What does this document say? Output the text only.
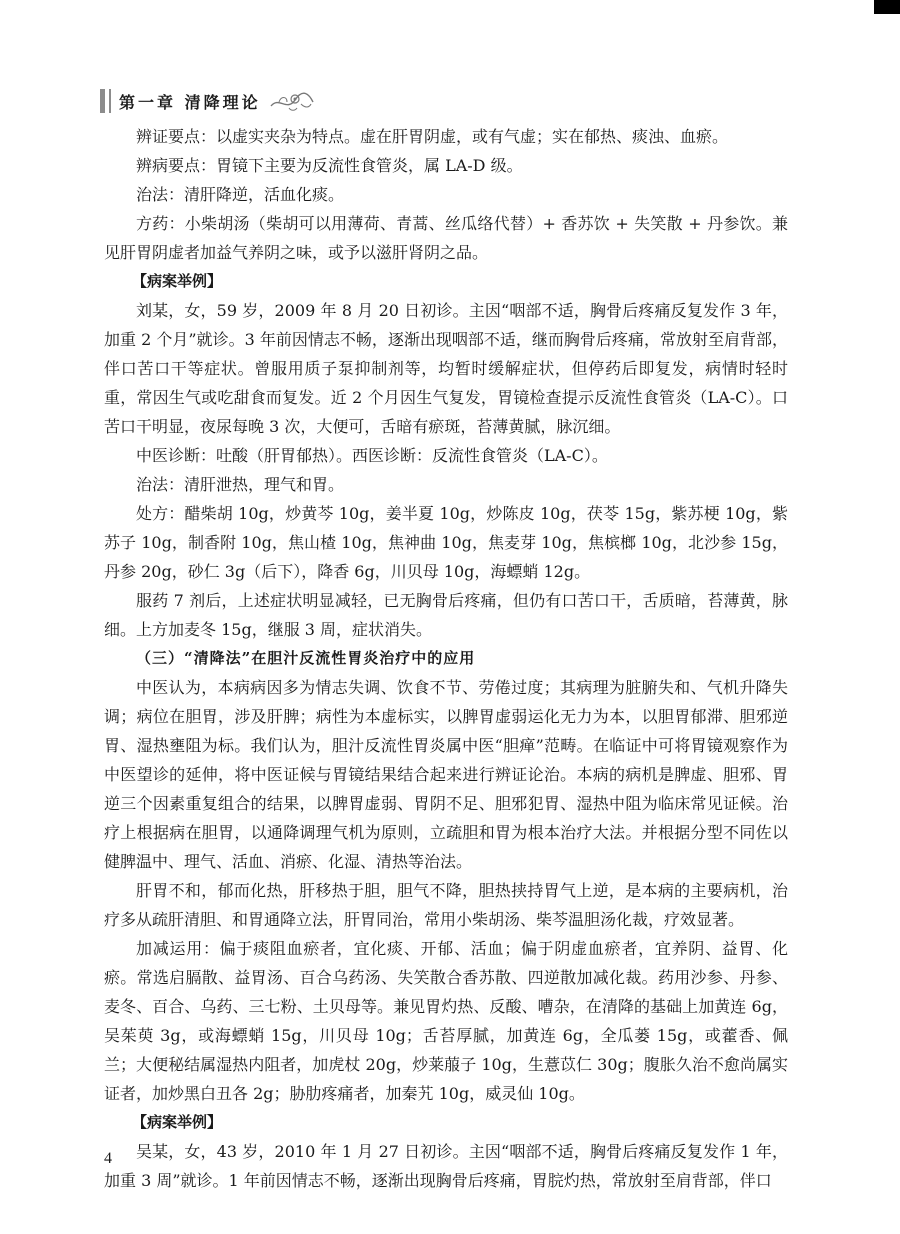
第一章 清降理论

辨证要点：以虚实夹杂为特点。虚在肝胃阴虚，或有气虚；实在郁热、痰浊、血瘀。

辨病要点：胃镜下主要为反流性食管炎，属 LA-D 级。

治法：清肝降逆，活血化痰。

方药：小柴胡汤（柴胡可以用薄荷、青蒿、丝瓜络代替）+ 香苏饮 + 失笑散 + 丹参饮。兼见肝胃阴虚者加益气养阴之味，或予以滋肝肾阴之品。

【病案举例】

刘某，女，59 岁，2009 年 8 月 20 日初诊。主因“咽部不适，胸骨后疼痛反复发作 3 年，加重 2 个月”就诊。3 年前因情志不畅，逐渐出现咽部不适，继而胸骨后疼痛，常放射至肩背部，伴口苦口干等症状。曾服用质子泵抑制剂等，均暂时缓解症状，但停药后即复发，病情时轻时重，常因生气或吃甜食而复发。近 2 个月因生气复发，胃镜检查提示反流性食管炎（LA-C）。口苦口干明显，夜尿每晚 3 次，大便可，舌暗有瘀斑，苔薄黄腻，脉沉细。

中医诊断：吐酸（肝胃郁热）。西医诊断：反流性食管炎（LA-C）。

治法：清肝泄热，理气和胃。

处方：醋柴胡 10g，炒黄芩 10g，姜半夏 10g，炒陈皮 10g，茯苓 15g，紫苏梗 10g，紫苏子 10g，制香附 10g，焦山楂 10g，焦神曲 10g，焦麦芽 10g，焦槟榔 10g，北沙参 15g，丹参 20g，砂仁 3g（后下），降香 6g，川贝母 10g，海螵蛸 12g。

服药 7 剂后，上述症状明显减轻，已无胸骨后疼痛，但仍有口苦口干，舌质暗，苔薄黄，脉细。上方加麦冬 15g，继服 3 周，症状消失。

（三）“清降法”在胆汁反流性胃炎治疗中的应用

中医认为，本病病因多为情志失调、饮食不节、劳倦过度；其病理为脏腑失和、气机升降失调；病位在胆胃，涉及肝脾；病性为本虚标实，以脾胃虚弱运化无力为本，以胆胃郁滞、胆邪逆胃、湿热壅阻为标。我们认为，胆汁反流性胃炎属中医“胆瘅”范畴。在临证中可将胃镜观察作为中医望诊的延伸，将中医证候与胃镜结果结合起来进行辨证论治。本病的病机是脾虚、胆邪、胃逆三个因素重复组合的结果，以脾胃虚弱、胃阴不足、胆邪犯胃、湿热中阻为临床常见证候。治疗上根据病在胆胃，以通降调理气机为原则，立疏胆和胃为根本治疗大法。并根据分型不同佐以健脾温中、理气、活血、消瘀、化湿、清热等治法。

肝胃不和，郁而化热，肝移热于胆，胆气不降，胆热挟持胃气上逆，是本病的主要病机，治疗多从疏肝清胆、和胃通降立法，肝胃同治，常用小柴胡汤、柴芩温胆汤化裁，疗效显著。

加减运用：偏于痰阻血瘀者，宜化痰、开郁、活血；偏于阴虚血瘀者，宜养阴、益胃、化瘀。常选启膈散、益胃汤、百合乌药汤、失笑散合香苏散、四逆散加减化裁。药用沙参、丹参、麦冬、百合、乌药、三七粉、土贝母等。兼见胃灼热、反酸、嘈杂，在清降的基础上加黄连 6g，吴茱萸 3g，或海螵蛸 15g，川贝母 10g；舌苔厚腻，加黄连 6g，全瓜蒌 15g，或藿香、佩兰；大便秘结属湿热内阻者，加虎杖 20g，炒莱菔子 10g，生薏苡仁 30g；腹胀久治不愈尚属实证者，加炒黑白丑各 2g；胁肋疼痛者，加秦艽 10g，威灵仙 10g。

【病案举例】

吴某，女，43 岁，2010 年 1 月 27 日初诊。主因“咽部不适，胸骨后疼痛反复发作 1 年，加重 3 周”就诊。1 年前因情志不畅，逐渐出现胸骨后疼痛，胃脘灼热，常放射至肩背部，伴口

4
